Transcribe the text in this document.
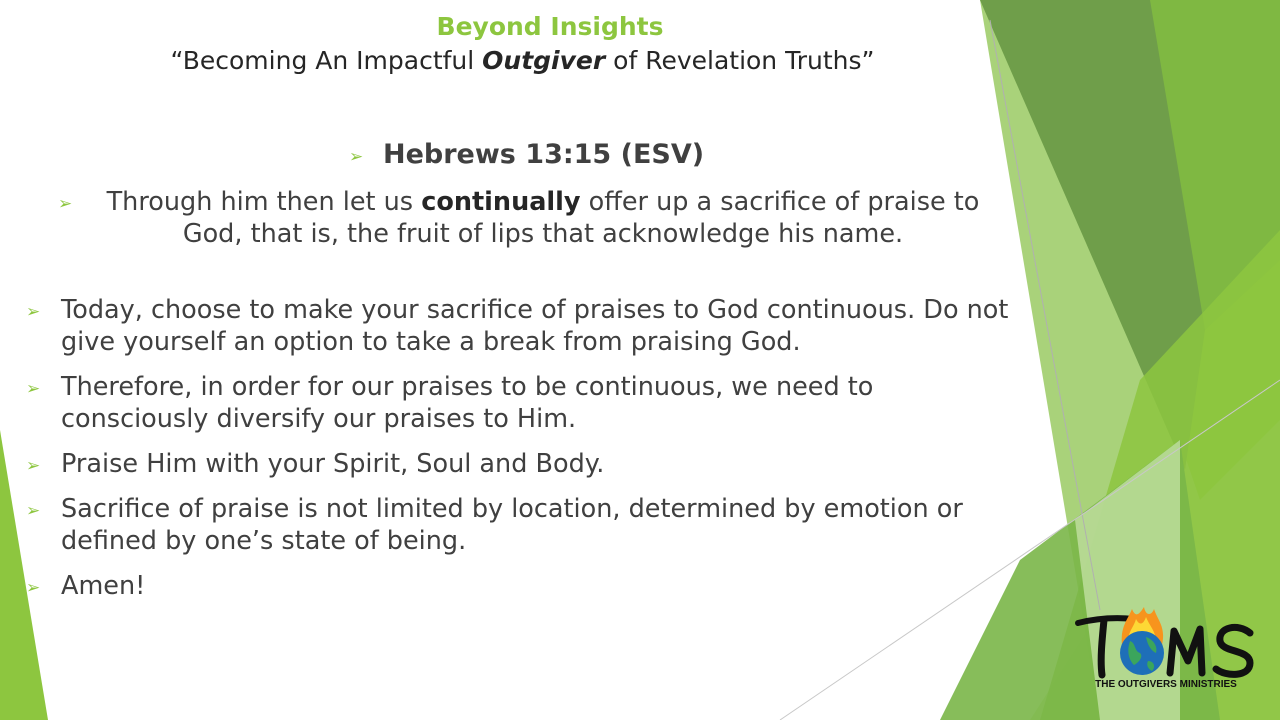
Beyond Insights
“Becoming An Impactful Outgiver of Revelation Truths”
➢ Hebrews 13:15 (ESV)
➢	Through him then let us continually offer up a sacrifice of praise to God, that is, the fruit of lips that acknowledge his name.
➢ Today, choose to make your sacrifice of praises to God continuous. Do not give yourself an option to take a break from praising God.
➢ Therefore, in order for our praises to be continuous, we need to consciously diversify our praises to Him.
➢ Praise Him with your Spirit, Soul and Body.
➢ Sacrifice of praise is not limited by location, determined by emotion or defined by one’s state of being.
➢ Amen!
THE OUTGIVERS MINISTRIES
